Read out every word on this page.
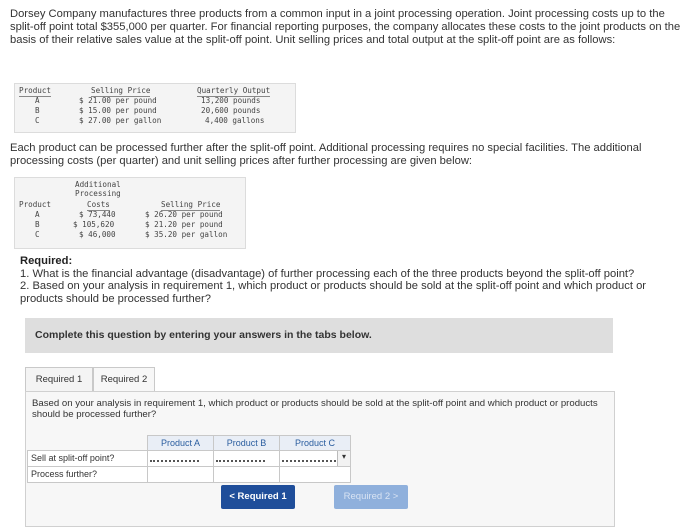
Dorsey Company manufactures three products from a common input in a joint processing operation. Joint processing costs up to the split-off point total $355,000 per quarter. For financial reporting purposes, the company allocates these costs to the joint products on the basis of their relative sales value at the split-off point. Unit selling prices and total output at the split-off point are as follows:
Product	Selling Price	Quarterly Output
A	$ 21.00 per pound	13,200 pounds
B	$ 15.00 per pound	20,600 pounds
C	$ 27.00 per gallon	4,400 gallons
Each product can be processed further after the split-off point. Additional processing requires no special facilities. The additional processing costs (per quarter) and unit selling prices after further processing are given below:
Additional
Processing
Product	Costs	Selling Price
A	$ 73,440	$ 26.20 per pound
B	$ 105,620	$ 21.20 per pound
C	$ 46,000	$ 35.20 per gallon
Required:
1. What is the financial advantage (disadvantage) of further processing each of the three products beyond the split-off point?
2. Based on your analysis in requirement 1, which product or products should be sold at the split-off point and which product or products should be processed further?
Complete this question by entering your answers in the tabs below.
Required 1	Required 2
Based on your analysis in requirement 1, which product or products should be sold at the split-off point and which product or products should be processed further?
Product A	Product B	Product C
Sell at split-off point?
Process further?
▾
< Required 1	Required 2 >
